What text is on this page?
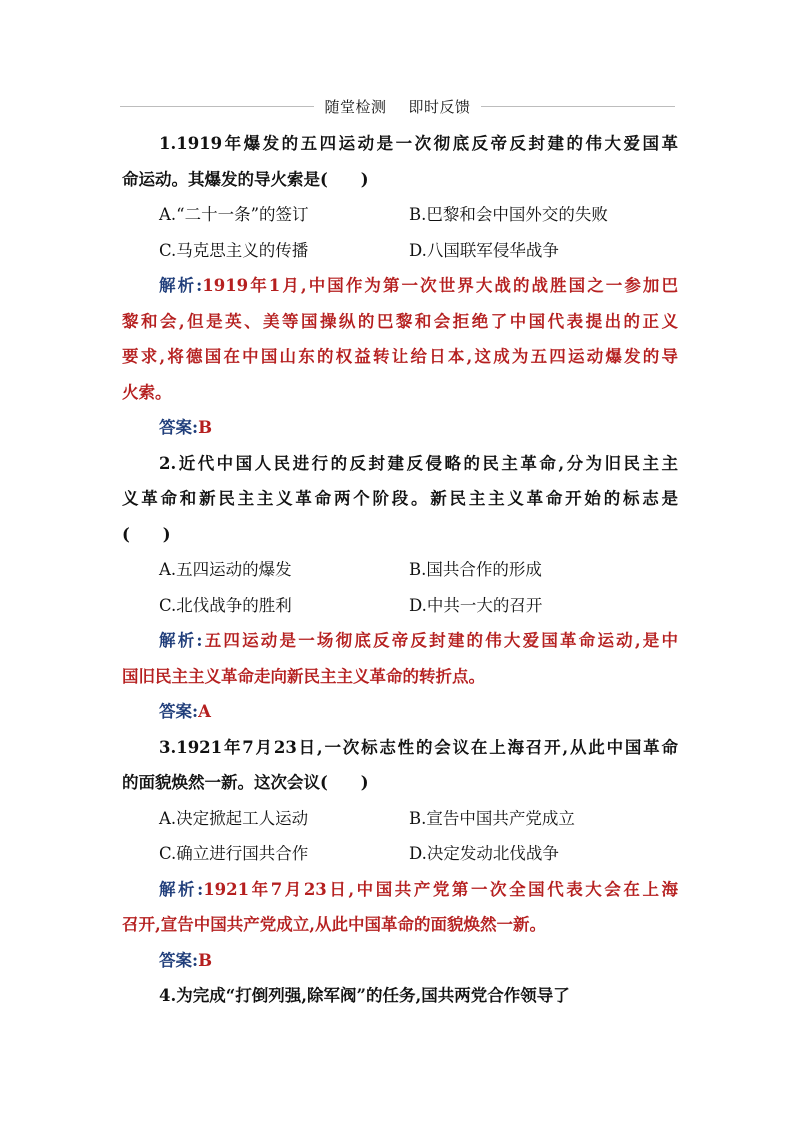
随堂检测 即时反馈
1.1919年爆发的五四运动是一次彻底反帝反封建的伟大爱国革
命运动。其爆发的导火索是(　　)
A.“二十一条”的签订	B.巴黎和会中国外交的失败
C.马克思主义的传播	D.八国联军侵华战争
解析:1919年1月,中国作为第一次世界大战的战胜国之一参加巴
黎和会,但是英、美等国操纵的巴黎和会拒绝了中国代表提出的正义
要求,将德国在中国山东的权益转让给日本,这成为五四运动爆发的导
火索。
答案:B
2.近代中国人民进行的反封建反侵略的民主革命,分为旧民主主
义革命和新民主主义革命两个阶段。新民主主义革命开始的标志是
(　　)
A.五四运动的爆发	B.国共合作的形成
C.北伐战争的胜利	D.中共一大的召开
解析:五四运动是一场彻底反帝反封建的伟大爱国革命运动,是中
国旧民主主义革命走向新民主主义革命的转折点。
答案:A
3.1921年7月23日,一次标志性的会议在上海召开,从此中国革命
的面貌焕然一新。这次会议(　　)
A.决定掀起工人运动	B.宣告中国共产党成立
C.确立进行国共合作	D.决定发动北伐战争
解析:1921年7月23日,中国共产党第一次全国代表大会在上海
召开,宣告中国共产党成立,从此中国革命的面貌焕然一新。
答案:B
4.为完成“打倒列强,除军阀”的任务,国共两党合作领导了
